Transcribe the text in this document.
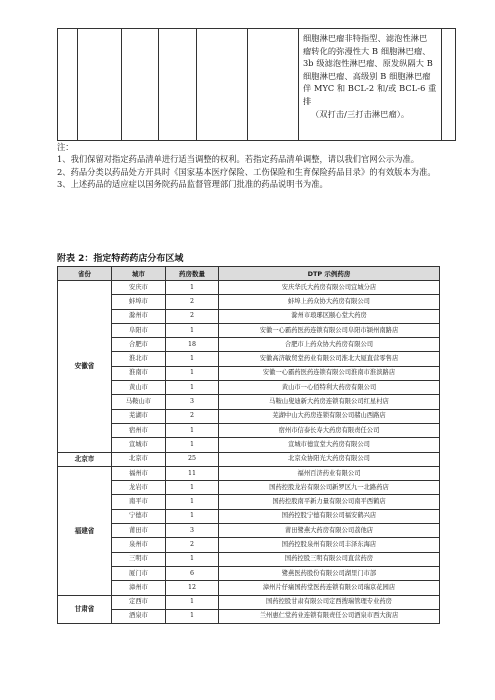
细胞淋巴瘤非特指型、滤泡性淋巴
瘤转化的弥漫性大 B 细胞淋巴瘤、
3b 级滤泡性淋巴瘤、原发纵隔大 B
细胞淋巴瘤、高级别 B 细胞淋巴瘤
伴 MYC 和 BCL-2 和/或 BCL-6 重排
（双打击/三打击淋巴瘤）。

注：

1、我们保留对指定药品清单进行适当调整的权利。若指定药品清单调整，请以我们官网公示为准。

2、药品分类以药品处方开具时《国家基本医疗保险、工伤保险和生育保险药品目录》的有效版本为准。

3、上述药品的适应症以国务院药品监督管理部门批准的药品说明书为准。

附表 2：指定特药药店分布区域
省份	城市	药房数量	DTP 示例药房
安徽省	安庆市	1	安庆华氏大药房有限公司宜城分店
	蚌埠市	2	蚌埠上药众协大药房有限公司
	滁州市	2	滁州市琅琊区颐心堂大药房
	阜阳市	1	安徽一心霸药医药连锁有限公司阜阳市颍州南路店
	合肥市	18	合肥市上药众协大药房有限公司
	淮北市	1	安徽高济敏贸堂药业有限公司淮北大厦直营零售店
	淮南市	1	安徽一心霸药医药连锁有限公司淮南市淮滨路店
	黄山市	1	黄山市一心佰特利大药房有限公司
	马鞍山市	3	马鞍山叟迪新大药房连锁有限公司红星村店
	芜湖市	2	芜湖中山大药房连锁有限公司赭山西路店
	宿州市	1	宿州市信泰长寿大药房有限责任公司
	宣城市	1	宣城市德宣堂大药房有限公司
北京市	北京市	25	北京众协阳光大药房有限公司
福建省	福州市	11	福州百济药业有限公司
	龙岩市	1	国药控股龙岩有限公司新罗区九一北路药店
	南平市	1	国药控股南平新力量有限公司南平西鹤店
	宁德市	1	国药控股宁德有限公司福安鹤兴店
	莆田市	3	莆田鹭燕大药房有限公司荔他店
	泉州市	2	国药控股泉州有限公司丰泽东海店
	三明市	1	国药控股三明有限公司直营药房
	厦门市	6	鹭燕医药股份有限公司湖里门市部
	漳州市	12	漳州片仔癀国药堂医药连锁有限公司瑞京花园店
甘肃省	定西市	1	国药控股甘肃有限公司定西搜瑞管理专业药房
	酒泉市	1	兰州惠仁堂药业连锁有限责任公司酒泉市西大街店
